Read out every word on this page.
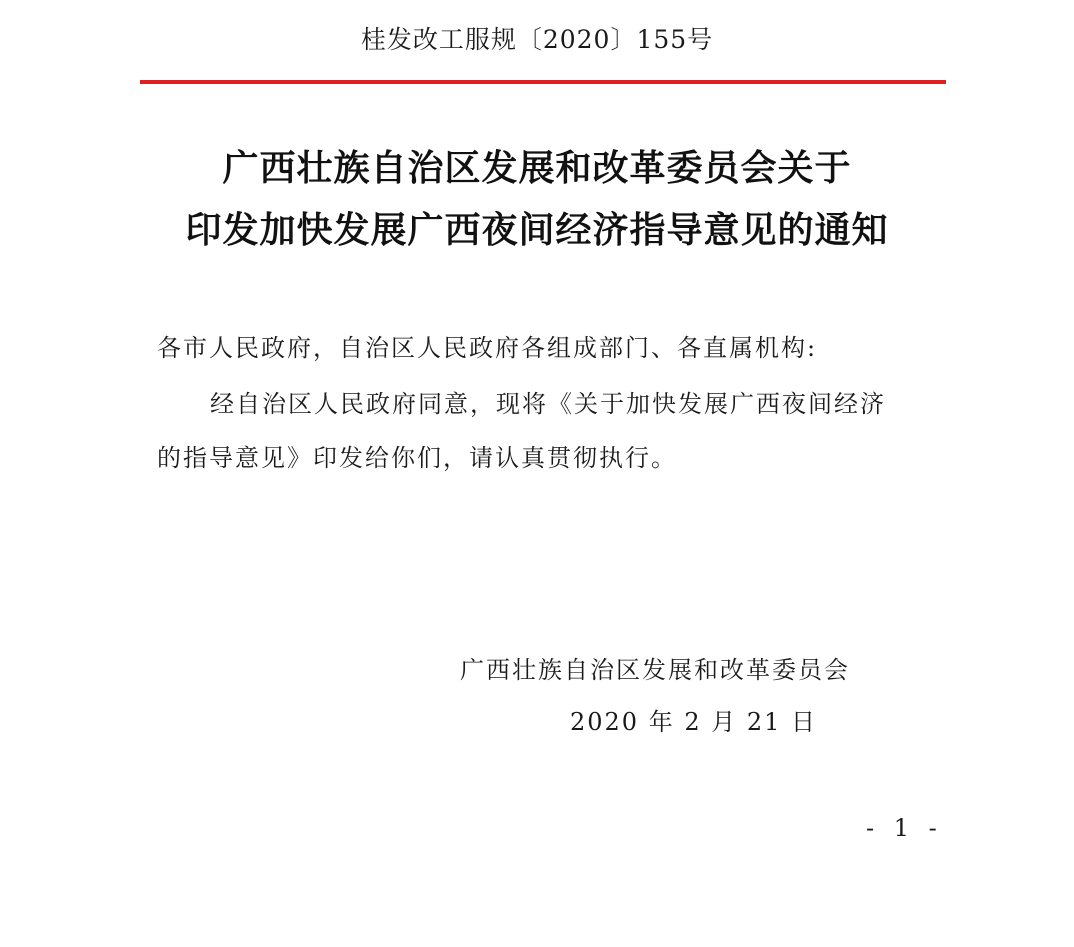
桂发改工服规〔2020〕155号
广西壮族自治区发展和改革委员会关于
印发加快发展广西夜间经济指导意见的通知
各市人民政府，自治区人民政府各组成部门、各直属机构:
经自治区人民政府同意，现将《关于加快发展广西夜间经济
的指导意见》印发给你们，请认真贯彻执行。
广西壮族自治区发展和改革委员会
2020 年 2 月 21 日
- 1 -
